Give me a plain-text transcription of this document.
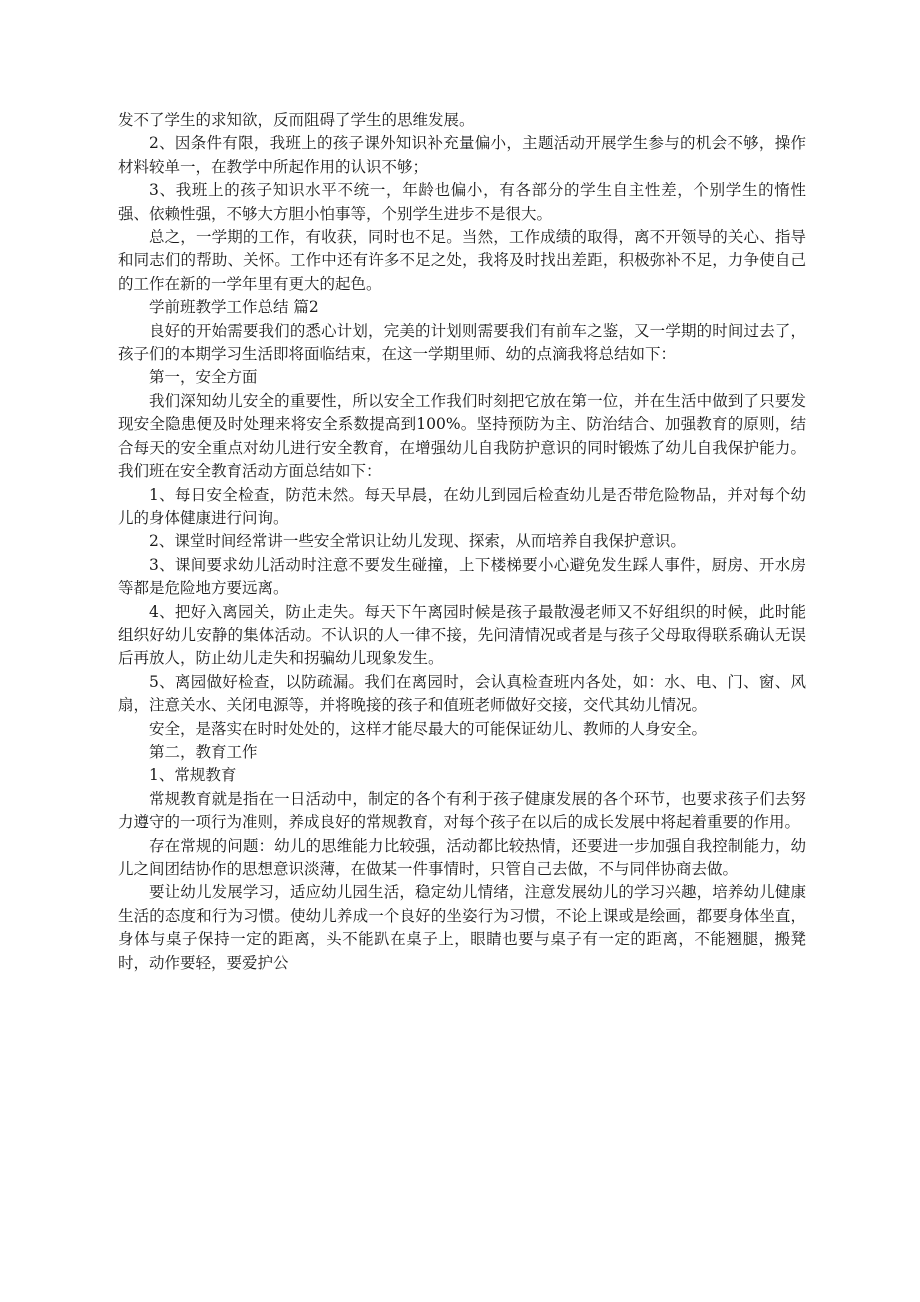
发不了学生的求知欲，反而阻碍了学生的思维发展。

2、因条件有限，我班上的孩子课外知识补充量偏小，主题活动开展学生参与的机会不够，操作材料较单一，在教学中所起作用的认识不够；

3、我班上的孩子知识水平不统一，年龄也偏小，有各部分的学生自主性差，个别学生的惰性强、依赖性强，不够大方胆小怕事等，个别学生进步不是很大。

总之，一学期的工作，有收获，同时也不足。当然，工作成绩的取得，离不开领导的关心、指导和同志们的帮助、关怀。工作中还有许多不足之处，我将及时找出差距，积极弥补不足，力争使自己的工作在新的一学年里有更大的起色。

学前班教学工作总结 篇2

良好的开始需要我们的悉心计划，完美的计划则需要我们有前车之鉴，又一学期的时间过去了，孩子们的本期学习生活即将面临结束，在这一学期里师、幼的点滴我将总结如下：

第一，安全方面

我们深知幼儿安全的重要性，所以安全工作我们时刻把它放在第一位，并在生活中做到了只要发现安全隐患便及时处理来将安全系数提高到100%。坚持预防为主、防治结合、加强教育的原则，结合每天的安全重点对幼儿进行安全教育，在增强幼儿自我防护意识的同时锻炼了幼儿自我保护能力。我们班在安全教育活动方面总结如下：

1、每日安全检查，防范未然。每天早晨，在幼儿到园后检查幼儿是否带危险物品，并对每个幼儿的身体健康进行问询。

2、课堂时间经常讲一些安全常识让幼儿发现、探索，从而培养自我保护意识。

3、课间要求幼儿活动时注意不要发生碰撞，上下楼梯要小心避免发生踩人事件，厨房、开水房等都是危险地方要远离。

4、把好入离园关，防止走失。每天下午离园时候是孩子最散漫老师又不好组织的时候，此时能组织好幼儿安静的集体活动。不认识的人一律不接，先问清情况或者是与孩子父母取得联系确认无误后再放人，防止幼儿走失和拐骗幼儿现象发生。

5、离园做好检查，以防疏漏。我们在离园时，会认真检查班内各处，如：水、电、门、窗、风扇，注意关水、关闭电源等，并将晚接的孩子和值班老师做好交接，交代其幼儿情况。

安全，是落实在时时处处的，这样才能尽最大的可能保证幼儿、教师的人身安全。

第二，教育工作

1、常规教育

常规教育就是指在一日活动中，制定的各个有利于孩子健康发展的各个环节，也要求孩子们去努力遵守的一项行为准则，养成良好的常规教育，对每个孩子在以后的成长发展中将起着重要的作用。

存在常规的问题：幼儿的思维能力比较强，活动都比较热情，还要进一步加强自我控制能力，幼儿之间团结协作的思想意识淡薄，在做某一件事情时，只管自己去做，不与同伴协商去做。

要让幼儿发展学习，适应幼儿园生活，稳定幼儿情绪，注意发展幼儿的学习兴趣，培养幼儿健康生活的态度和行为习惯。使幼儿养成一个良好的坐姿行为习惯，不论上课或是绘画，都要身体坐直，身体与桌子保持一定的距离，头不能趴在桌子上，眼睛也要与桌子有一定的距离，不能翘腿，搬凳时，动作要轻，要爱护公
